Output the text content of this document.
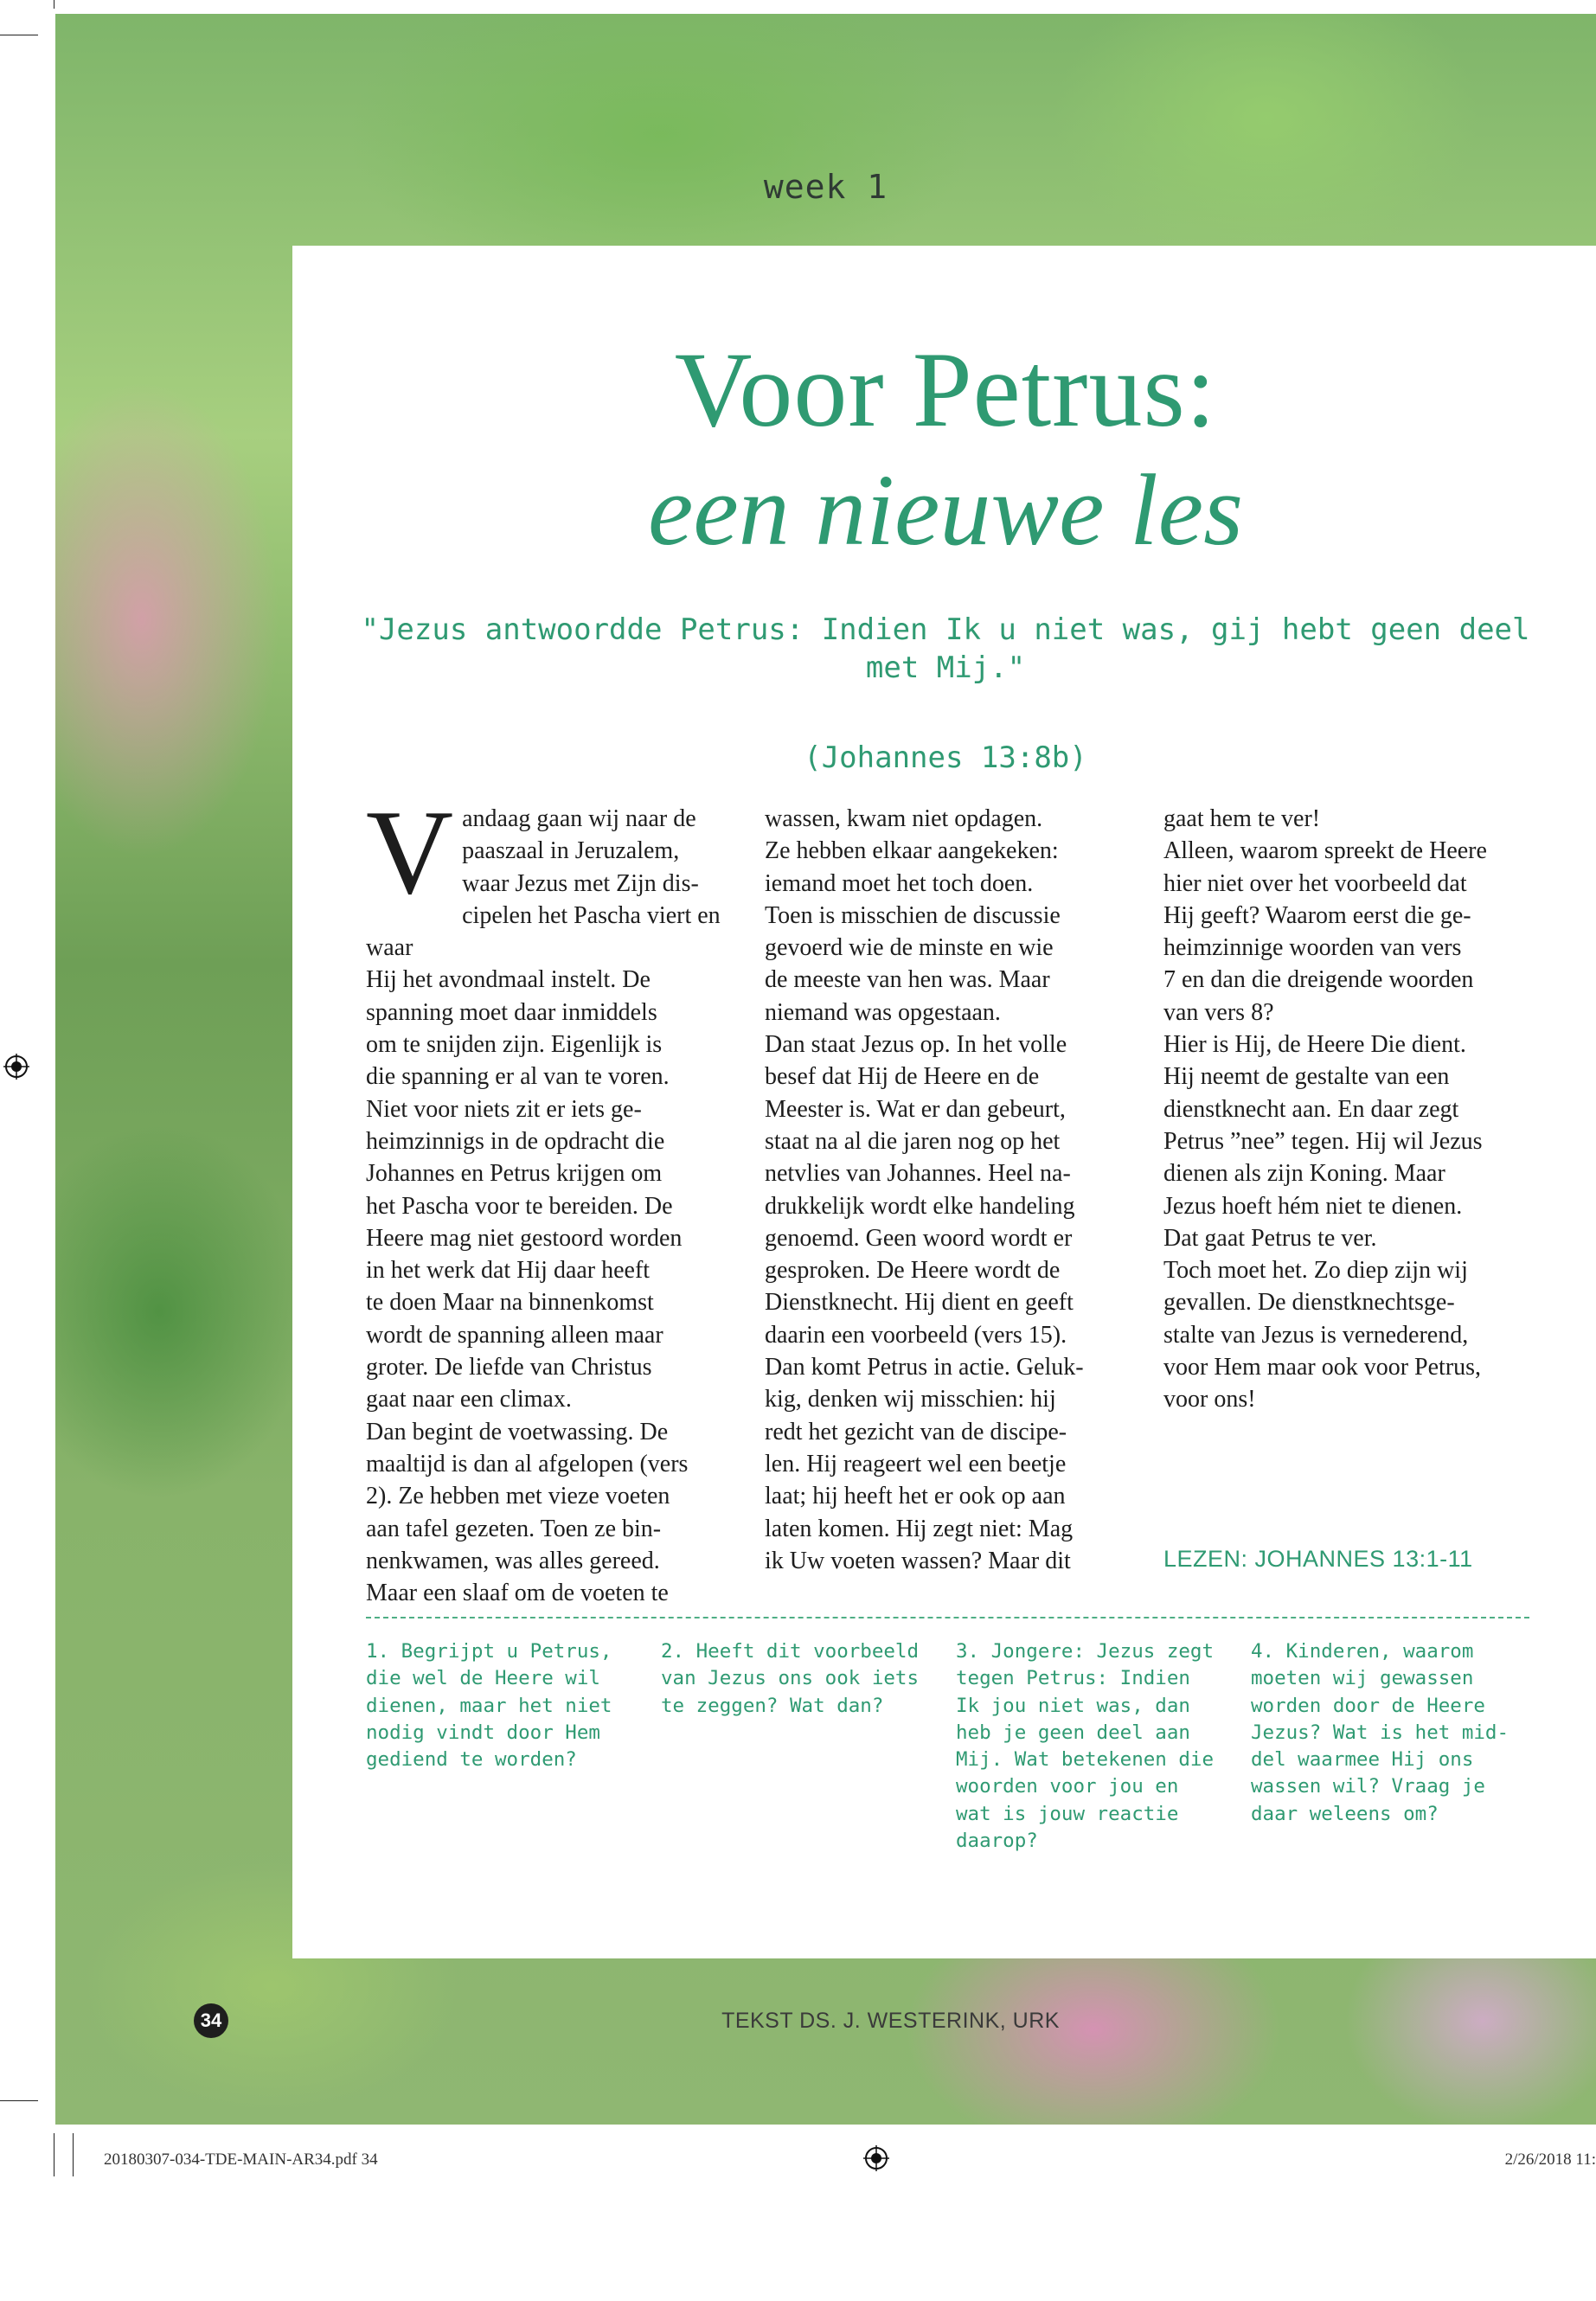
week 1
Voor Petrus:
een nieuwe les
"Jezus antwoordde Petrus: Indien Ik u niet was, gij hebt geen deel met Mij."
(Johannes 13:8b)
Vandaag gaan wij naar de
paaszaal in Jeruzalem,
waar Jezus met Zijn dis-
cipelen het Pascha viert en waar
Hij het avondmaal instelt. De
spanning moet daar inmiddels
om te snijden zijn. Eigenlijk is
die spanning er al van te voren.
Niet voor niets zit er iets ge-
heimzinnigs in de opdracht die
Johannes en Petrus krijgen om
het Pascha voor te bereiden. De
Heere mag niet gestoord worden
in het werk dat Hij daar heeft
te doen Maar na binnenkomst
wordt de spanning alleen maar
groter. De liefde van Christus
gaat naar een climax.
Dan begint de voetwassing. De
maaltijd is dan al afgelopen (vers
2). Ze hebben met vieze voeten
aan tafel gezeten. Toen ze bin-
nenkwamen, was alles gereed.
Maar een slaaf om de voeten te
wassen, kwam niet opdagen.
Ze hebben elkaar aangekeken:
iemand moet het toch doen.
Toen is misschien de discussie
gevoerd wie de minste en wie
de meeste van hen was. Maar
niemand was opgestaan.
Dan staat Jezus op. In het volle
besef dat Hij de Heere en de
Meester is. Wat er dan gebeurt,
staat na al die jaren nog op het
netvlies van Johannes. Heel na-
drukkelijk wordt elke handeling
genoemd. Geen woord wordt er
gesproken. De Heere wordt de
Dienstknecht. Hij dient en geeft
daarin een voorbeeld (vers 15).
Dan komt Petrus in actie. Geluk-
kig, denken wij misschien: hij
redt het gezicht van de discipe-
len. Hij reageert wel een beetje
laat; hij heeft het er ook op aan
laten komen. Hij zegt niet: Mag
ik Uw voeten wassen? Maar dit
gaat hem te ver!
Alleen, waarom spreekt de Heere
hier niet over het voorbeeld dat
Hij geeft? Waarom eerst die ge-
heimzinnige woorden van vers
7 en dan die dreigende woorden
van vers 8?
Hier is Hij, de Heere Die dient.
Hij neemt de gestalte van een
dienstknecht aan. En daar zegt
Petrus ”nee” tegen. Hij wil Jezus
dienen als zijn Koning. Maar
Jezus hoeft hém niet te dienen.
Dat gaat Petrus te ver.
Toch moet het. Zo diep zijn wij
gevallen. De dienstknechtsge-
stalte van Jezus is vernederend,
voor Hem maar ook voor Petrus,
voor ons!
LEZEN: JOHANNES 13:1-11
1. Begrijpt u Petrus,
die wel de Heere wil
dienen, maar het niet
nodig vindt door Hem
gediend te worden?
2. Heeft dit voorbeeld
van Jezus ons ook iets
te zeggen? Wat dan?
3. Jongere: Jezus zegt
tegen Petrus: Indien
Ik jou niet was, dan
heb je geen deel aan
Mij. Wat betekenen die
woorden voor jou en
wat is jouw reactie
daarop?
4. Kinderen, waarom
moeten wij gewassen
worden door de Heere
Jezus? Wat is het mid-
del waarmee Hij ons
wassen wil? Vraag je
daar weleens om?
34	TEKST DS. J. WESTERINK, URK
20180307-034-TDE-MAIN-AR34.pdf 34	2/26/2018 11:
